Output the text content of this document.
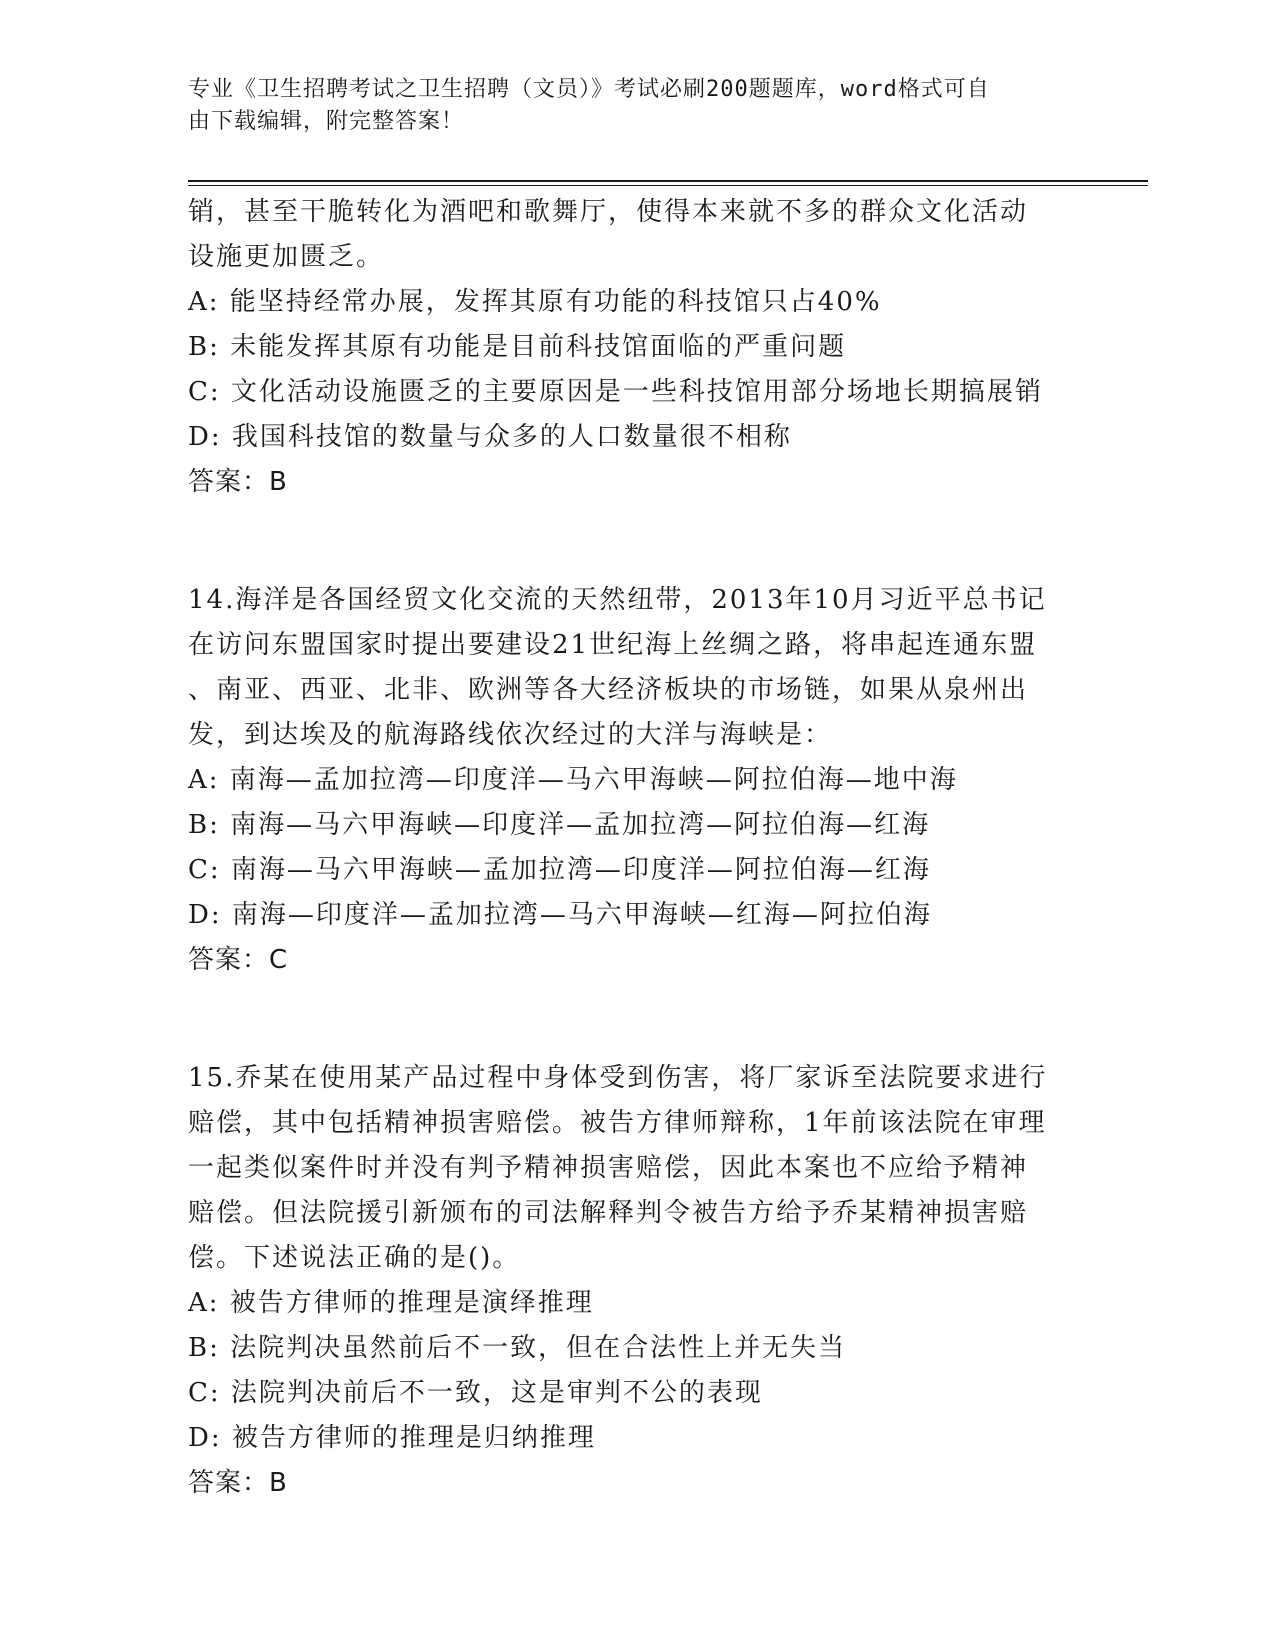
专业《卫生招聘考试之卫生招聘（文员）》考试必刷200题题库，word格式可自
由下载编辑，附完整答案！
销，甚至干脆转化为酒吧和歌舞厅，使得本来就不多的群众文化活动
设施更加匮乏。
A: 能坚持经常办展，发挥其原有功能的科技馆只占40%
B: 未能发挥其原有功能是目前科技馆面临的严重问题
C: 文化活动设施匮乏的主要原因是一些科技馆用部分场地长期搞展销
D: 我国科技馆的数量与众多的人口数量很不相称
答案：B
14.海洋是各国经贸文化交流的天然纽带，2013年10月习近平总书记
在访问东盟国家时提出要建设21世纪海上丝绸之路，将串起连通东盟
、南亚、西亚、北非、欧洲等各大经济板块的市场链，如果从泉州出
发，到达埃及的航海路线依次经过的大洋与海峡是：
A: 南海—孟加拉湾—印度洋—马六甲海峡—阿拉伯海—地中海
B: 南海—马六甲海峡—印度洋—孟加拉湾—阿拉伯海—红海
C: 南海—马六甲海峡—孟加拉湾—印度洋—阿拉伯海—红海
D: 南海—印度洋—孟加拉湾—马六甲海峡—红海—阿拉伯海
答案：C
15.乔某在使用某产品过程中身体受到伤害，将厂家诉至法院要求进行
赔偿，其中包括精神损害赔偿。被告方律师辩称，1年前该法院在审理
一起类似案件时并没有判予精神损害赔偿，因此本案也不应给予精神
赔偿。但法院援引新颁布的司法解释判令被告方给予乔某精神损害赔
偿。下述说法正确的是()。
A: 被告方律师的推理是演绎推理
B: 法院判决虽然前后不一致，但在合法性上并无失当
C: 法院判决前后不一致，这是审判不公的表现
D: 被告方律师的推理是归纳推理
答案：B
